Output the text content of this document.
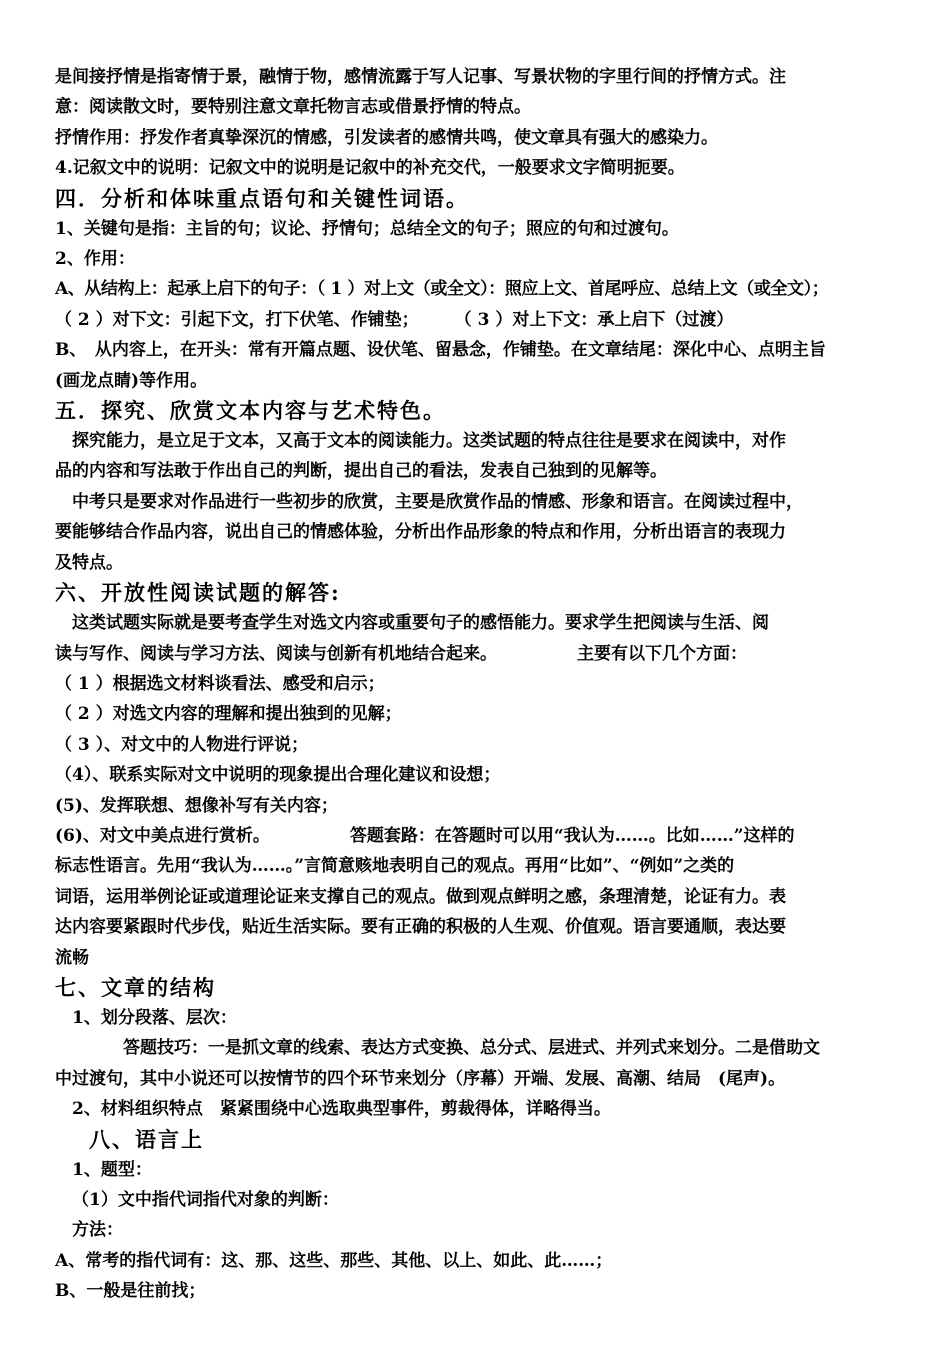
是间接抒情是指寄情于景，融情于物，感情流露于写人记事、写景状物的字里行间的抒情方式。注
意：阅读散文时，要特别注意文章托物言志或借景抒情的特点。
抒情作用：抒发作者真挚深沉的情感，引发读者的感情共鸣，使文章具有强大的感染力。
4.记叙文中的说明：记叙文中的说明是记叙中的补充交代，一般要求文字简明扼要。
四．分析和体味重点语句和关键性词语。
1、关键句是指：主旨的句；议论、抒情句；总结全文的句子；照应的句和过渡句。
2、作用：
A、从结构上：起承上启下的句子：（ 1 ）对上文（或全文）：照应上文、首尾呼应、总结上文（或全文）；
（ 2 ）对下文：引起下文，打下伏笔、作铺垫； （ 3 ）对上下文：承上启下（过渡）
B、　从内容上，在开头：常有开篇点题、设伏笔、留悬念，作铺垫。在文章结尾：深化中心、点明主旨
(画龙点睛)等作用。
五．探究、欣赏文本内容与艺术特色。
探究能力，是立足于文本，又高于文本的阅读能力。这类试题的特点往往是要求在阅读中，对作
品的内容和写法敢于作出自己的判断，提出自己的看法，发表自己独到的见解等。
中考只是要求对作品进行一些初步的欣赏，主要是欣赏作品的情感、形象和语言。在阅读过程中，
要能够结合作品内容，说出自己的情感体验，分析出作品形象的特点和作用，分析出语言的表现力
及特点。
六、开放性阅读试题的解答:
这类试题实际就是要考查学生对选文内容或重要句子的感悟能力。要求学生把阅读与生活、阅
读与写作、阅读与学习方法、阅读与创新有机地结合起来。	主要有以下几个方面：
（ 1 ）根据选文材料谈看法、感受和启示；
（ 2 ）对选文内容的理解和提出独到的见解；
（ 3 ）、对文中的人物进行评说；
（4）、联系实际对文中说明的现象提出合理化建议和设想；
(5)、发挥联想、想像补写有关内容；
(6)、对文中美点进行赏析。	答题套路：在答题时可以用“我认为……。比如……”这样的
标志性语言。先用“我认为……。”言简意赅地表明自己的观点。再用“比如”、“例如”之类的
词语，运用举例论证或道理论证来支撑自己的观点。做到观点鲜明之感，条理清楚，论证有力。表
达内容要紧跟时代步伐，贴近生活实际。要有正确的积极的人生观、价值观。语言要通顺，表达要
流畅
七、文章的结构
1、划分段落、层次：
答题技巧：一是抓文章的线索、表达方式变换、总分式、层进式、并列式来划分。二是借助文
中过渡句，其中小说还可以按情节的四个环节来划分（序幕）开端、发展、高潮、结局　(尾声)。
2、材料组织特点　紧紧围绕中心选取典型事件，剪裁得体，详略得当。
八、语言上
1、题型：
（1）文中指代词指代对象的判断：
方法：
A、常考的指代词有：这、那、这些、那些、其他、以上、如此、此……；
B、一般是往前找；
